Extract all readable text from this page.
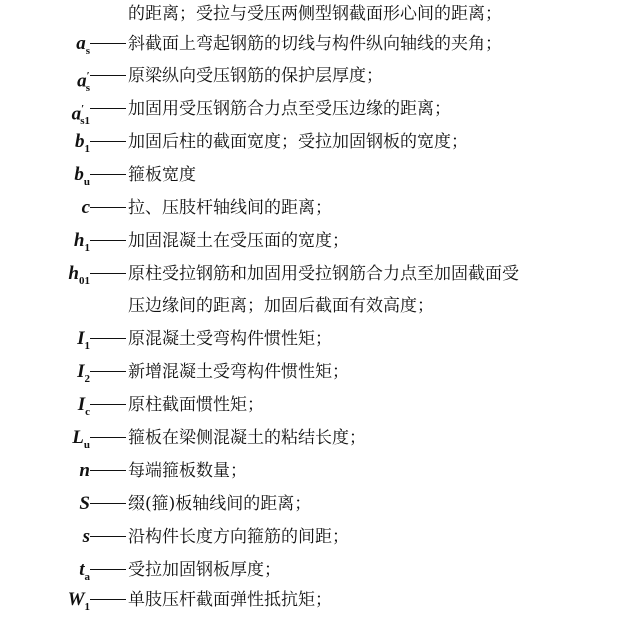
的距离；受拉与受压两侧型钢截面形心间的距离；
$a_s$ 斜截面上弯起钢筋的切线与构件纵向轴线的夹角；
$a'_s$
原梁纵向受压钢筋的保护层厚度；
$a'_{s1}$
加固用受压钢筋合力点至受压边缘的距离；
$b_1$ 加固后柱的截面宽度；受拉加固钢板的宽度；
$b_u$ 箍板宽度
c 拉、压肢杆轴线间的距离；
$h_1$ 加固混凝土在受压面的宽度；
$h_{01}$ 原柱受拉钢筋和加固用受拉钢筋合力点至加固截面受
压边缘间的距离；加固后截面有效高度；
$I_1$ 原混凝土受弯构件惯性矩；
$I_2$ 新增混凝土受弯构件惯性矩；
$I_c$ 原柱截面惯性矩；
$L_u$ 箍板在梁侧混凝土的粘结长度；
n 每端箍板数量；
S 缀(箍)板轴线间的距离；
s 沿构件长度方向箍筋的间距；
$t_a$ 受拉加固钢板厚度；
$W_1$ 单肢压杆截面弹性抵抗矩；
